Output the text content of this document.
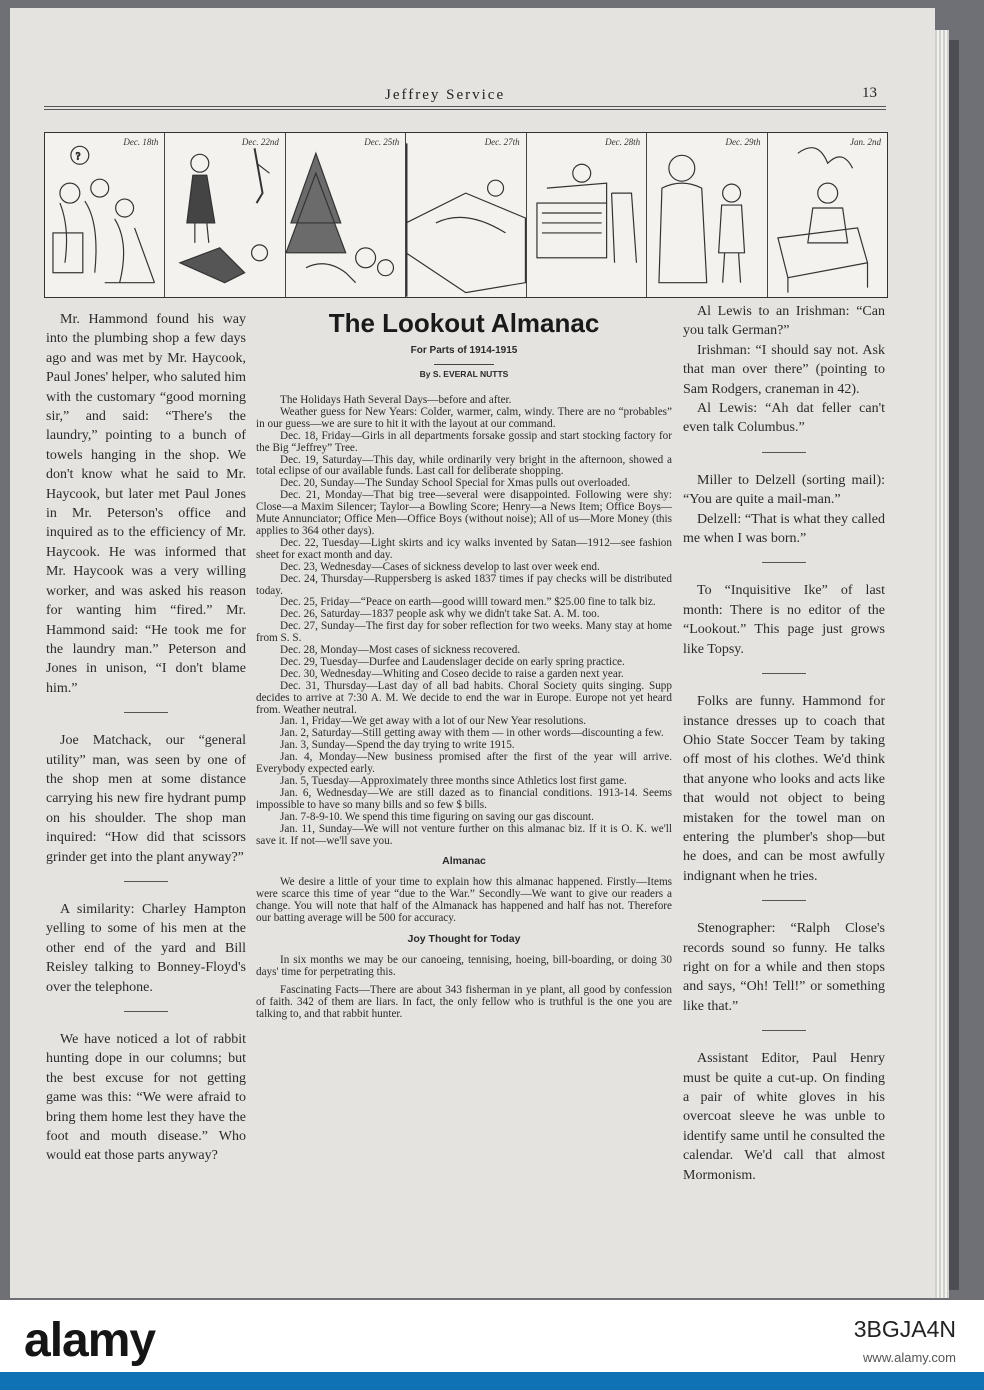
Jeffrey Service	13
Dec. 18th
?
Dec. 22nd	Dec. 25th	Dec. 27th	Dec. 28th	Dec. 29th	Jan. 2nd

Mr. Hammond found his way into the plumbing shop a few days ago and was met by Mr. Haycook, Paul Jones' helper, who saluted him with the customary “good morning sir,” and said: “There's the laundry,” pointing to a bunch of towels hanging in the shop. We don't know what he said to Mr. Haycook, but later met Paul Jones in Mr. Peterson's office and inquired as to the efficiency of Mr. Haycook. He was informed that Mr. Haycook was a very willing worker, and was asked his reason for wanting him “fired.” Mr. Hammond said: “He took me for the laundry man.” Peterson and Jones in unison, “I don't blame him.”

Joe Matchack, our “general utility” man, was seen by one of the shop men at some distance carrying his new fire hydrant pump on his shoulder. The shop man inquired: “How did that scissors grinder get into the plant anyway?”

A similarity: Charley Hampton yelling to some of his men at the other end of the yard and Bill Reisley talking to Bonney-Floyd's over the telephone.

We have noticed a lot of rabbit hunting dope in our columns; but the best excuse for not getting game was this: “We were afraid to bring them home lest they have the foot and mouth disease.” Who would eat those parts anyway?

The Lookout Almanac
For Parts of 1914-1915
By S. EVERAL NUTTS

The Holidays Hath Several Days—before and after.

Weather guess for New Years: Colder, warmer, calm, windy. There are no “probables” in our guess—we are sure to hit it with the layout at our command.

Dec. 18, Friday—Girls in all departments forsake gossip and start stocking factory for the Big “Jeffrey” Tree.

Dec. 19, Saturday—This day, while ordinarily very bright in the afternoon, showed a total eclipse of our available funds. Last call for deliberate shopping.

Dec. 20, Sunday—The Sunday School Special for Xmas pulls out overloaded.

Dec. 21, Monday—That big tree—several were disappointed. Following were shy: Close—a Maxim Silencer; Taylor—a Bowling Score; Henry—a News Item; Office Boys—Mute Annunciator; Office Men—Office Boys (without noise); All of us—More Money (this applies to 364 other days).

Dec. 22, Tuesday—Light skirts and icy walks invented by Satan—1912—see fashion sheet for exact month and day.

Dec. 23, Wednesday—Cases of sickness develop to last over week end.

Dec. 24, Thursday—Ruppersberg is asked 1837 times if pay checks will be distributed today.

Dec. 25, Friday—“Peace on earth—good willl toward men.” $25.00 fine to talk biz.

Dec. 26, Saturday—1837 people ask why we didn't take Sat. A. M. too.

Dec. 27, Sunday—The first day for sober reflection for two weeks. Many stay at home from S. S.

Dec. 28, Monday—Most cases of sickness recovered.

Dec. 29, Tuesday—Durfee and Laudenslager decide on early spring practice.

Dec. 30, Wednesday—Whiting and Coseo decide to raise a garden next year.

Dec. 31, Thursday—Last day of all bad habits. Choral Society quits singing. Supp decides to arrive at 7:30 A. M. We decide to end the war in Europe. Europe not yet heard from. Weather neutral.

Jan. 1, Friday—We get away with a lot of our New Year resolutions.

Jan. 2, Saturday—Still getting away with them — in other words—discounting a few.

Jan. 3, Sunday—Spend the day trying to write 1915.

Jan. 4, Monday—New business promised after the first of the year will arrive. Everybody expected early.

Jan. 5, Tuesday—Approximately three months since Athletics lost first game.

Jan. 6, Wednesday—We are still dazed as to financial conditions. 1913-14. Seems impossible to have so many bills and so few $ bills.

Jan. 7-8-9-10. We spend this time figuring on saving our gas discount.

Jan. 11, Sunday—We will not venture further on this almanac biz. If it is O. K. we'll save it. If not—we'll save you.

Almanac

We desire a little of your time to explain how this almanac happened. Firstly—Items were scarce this time of year “due to the War.” Secondly—We want to give our readers a change. You will note that half of the Almanack has happened and half has not. Therefore our batting average will be 500 for accuracy.

Joy Thought for Today

In six months we may be our canoeing, tennising, hoeing, bill-boarding, or doing 30 days' time for perpetrating this.

Fascinating Facts—There are about 343 fisherman in ye plant, all good by confession of faith. 342 of them are liars. In fact, the only fellow who is truthful is the one you are talking to, and that rabbit hunter.

Al Lewis to an Irishman: “Can you talk German?”

Irishman: “I should say not. Ask that man over there” (pointing to Sam Rodgers, craneman in 42).

Al Lewis: “Ah dat feller can't even talk Columbus.”

Miller to Delzell (sorting mail): “You are quite a mail-man.”

Delzell: “That is what they called me when I was born.”

To “Inquisitive Ike” of last month: There is no editor of the “Lookout.” This page just grows like Topsy.

Folks are funny. Hammond for instance dresses up to coach that Ohio State Soccer Team by taking off most of his clothes. We'd think that anyone who looks and acts like that would not object to being mistaken for the towel man on entering the plumber's shop—but he does, and can be most awfully indignant when he tries.

Stenographer: “Ralph Close's records sound so funny. He talks right on for a while and then stops and says, “Oh! Tell!” or something like that.”

Assistant Editor, Paul Henry must be quite a cut-up. On finding a pair of white gloves in his overcoat sleeve he was unble to identify same until he consulted the calendar. We'd call that almost Mormonism.

alamy	3BGJA4N
www.alamy.com
